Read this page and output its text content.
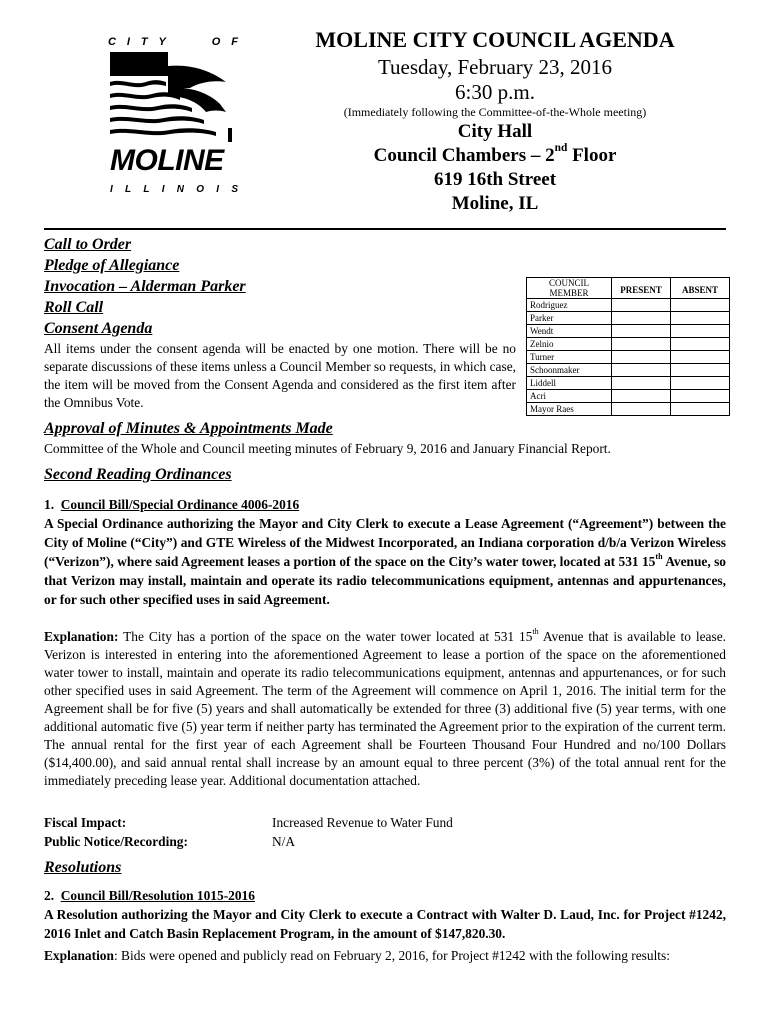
C I T Y	O F
MOLINE
I L L I N O I S
MOLINE CITY COUNCIL AGENDA
Tuesday, February 23, 2016
6:30 p.m.
(Immediately following the Committee-of-the-Whole meeting)
City Hall
Council Chambers – 2nd Floor
619 16th Street
Moline, IL
Call to Order
Pledge of Allegiance
Invocation – Alderman Parker
Roll Call
Consent Agenda
All items under the consent agenda will be enacted by one motion. There will be no separate discussions of these items unless a Council Member so requests, in which case, the item will be moved from the Consent Agenda and considered as the first item after the Omnibus Vote.
COUNCIL MEMBER	PRESENT	ABSENT
Rodriguez		
Parker		
Wendt		
Zelnio		
Turner		
Schoonmaker		
Liddell		
Acri		
Mayor Raes		
Approval of Minutes & Appointments Made
Committee of the Whole and Council meeting minutes of February 9, 2016 and January Financial Report.
Second Reading Ordinances
1. Council Bill/Special Ordinance 4006-2016
A Special Ordinance authorizing the Mayor and City Clerk to execute a Lease Agreement (“Agreement”) between the City of Moline (“City”) and GTE Wireless of the Midwest Incorporated, an Indiana corporation d/b/a Verizon Wireless (“Verizon”), where said Agreement leases a portion of the space on the City’s water tower, located at 531 15th Avenue, so that Verizon may install, maintain and operate its radio telecommunications equipment, antennas and appurtenances, or for such other specified uses in said Agreement.
Explanation: The City has a portion of the space on the water tower located at 531 15th Avenue that is available to lease. Verizon is interested in entering into the aforementioned Agreement to lease a portion of the space on the aforementioned water tower to install, maintain and operate its radio telecommunications equipment, antennas and appurtenances, or for such other specified uses in said Agreement. The term of the Agreement will commence on April 1, 2016. The initial term for the Agreement shall be for five (5) years and shall automatically be extended for three (3) additional five (5) year terms, with one additional automatic five (5) year term if neither party has terminated the Agreement prior to the expiration of the current term. The annual rental for the first year of each Agreement shall be Fourteen Thousand Four Hundred and no/100 Dollars ($14,400.00), and said annual rental shall increase by an amount equal to three percent (3%) of the total annual rent for the immediately preceding lease year. Additional documentation attached.
Fiscal Impact:	Increased Revenue to Water Fund
Public Notice/Recording:	N/A
Resolutions
2. Council Bill/Resolution 1015-2016
A Resolution authorizing the Mayor and City Clerk to execute a Contract with Walter D. Laud, Inc. for Project #1242, 2016 Inlet and Catch Basin Replacement Program, in the amount of $147,820.30.
Explanation: Bids were opened and publicly read on February 2, 2016, for Project #1242 with the following results:
